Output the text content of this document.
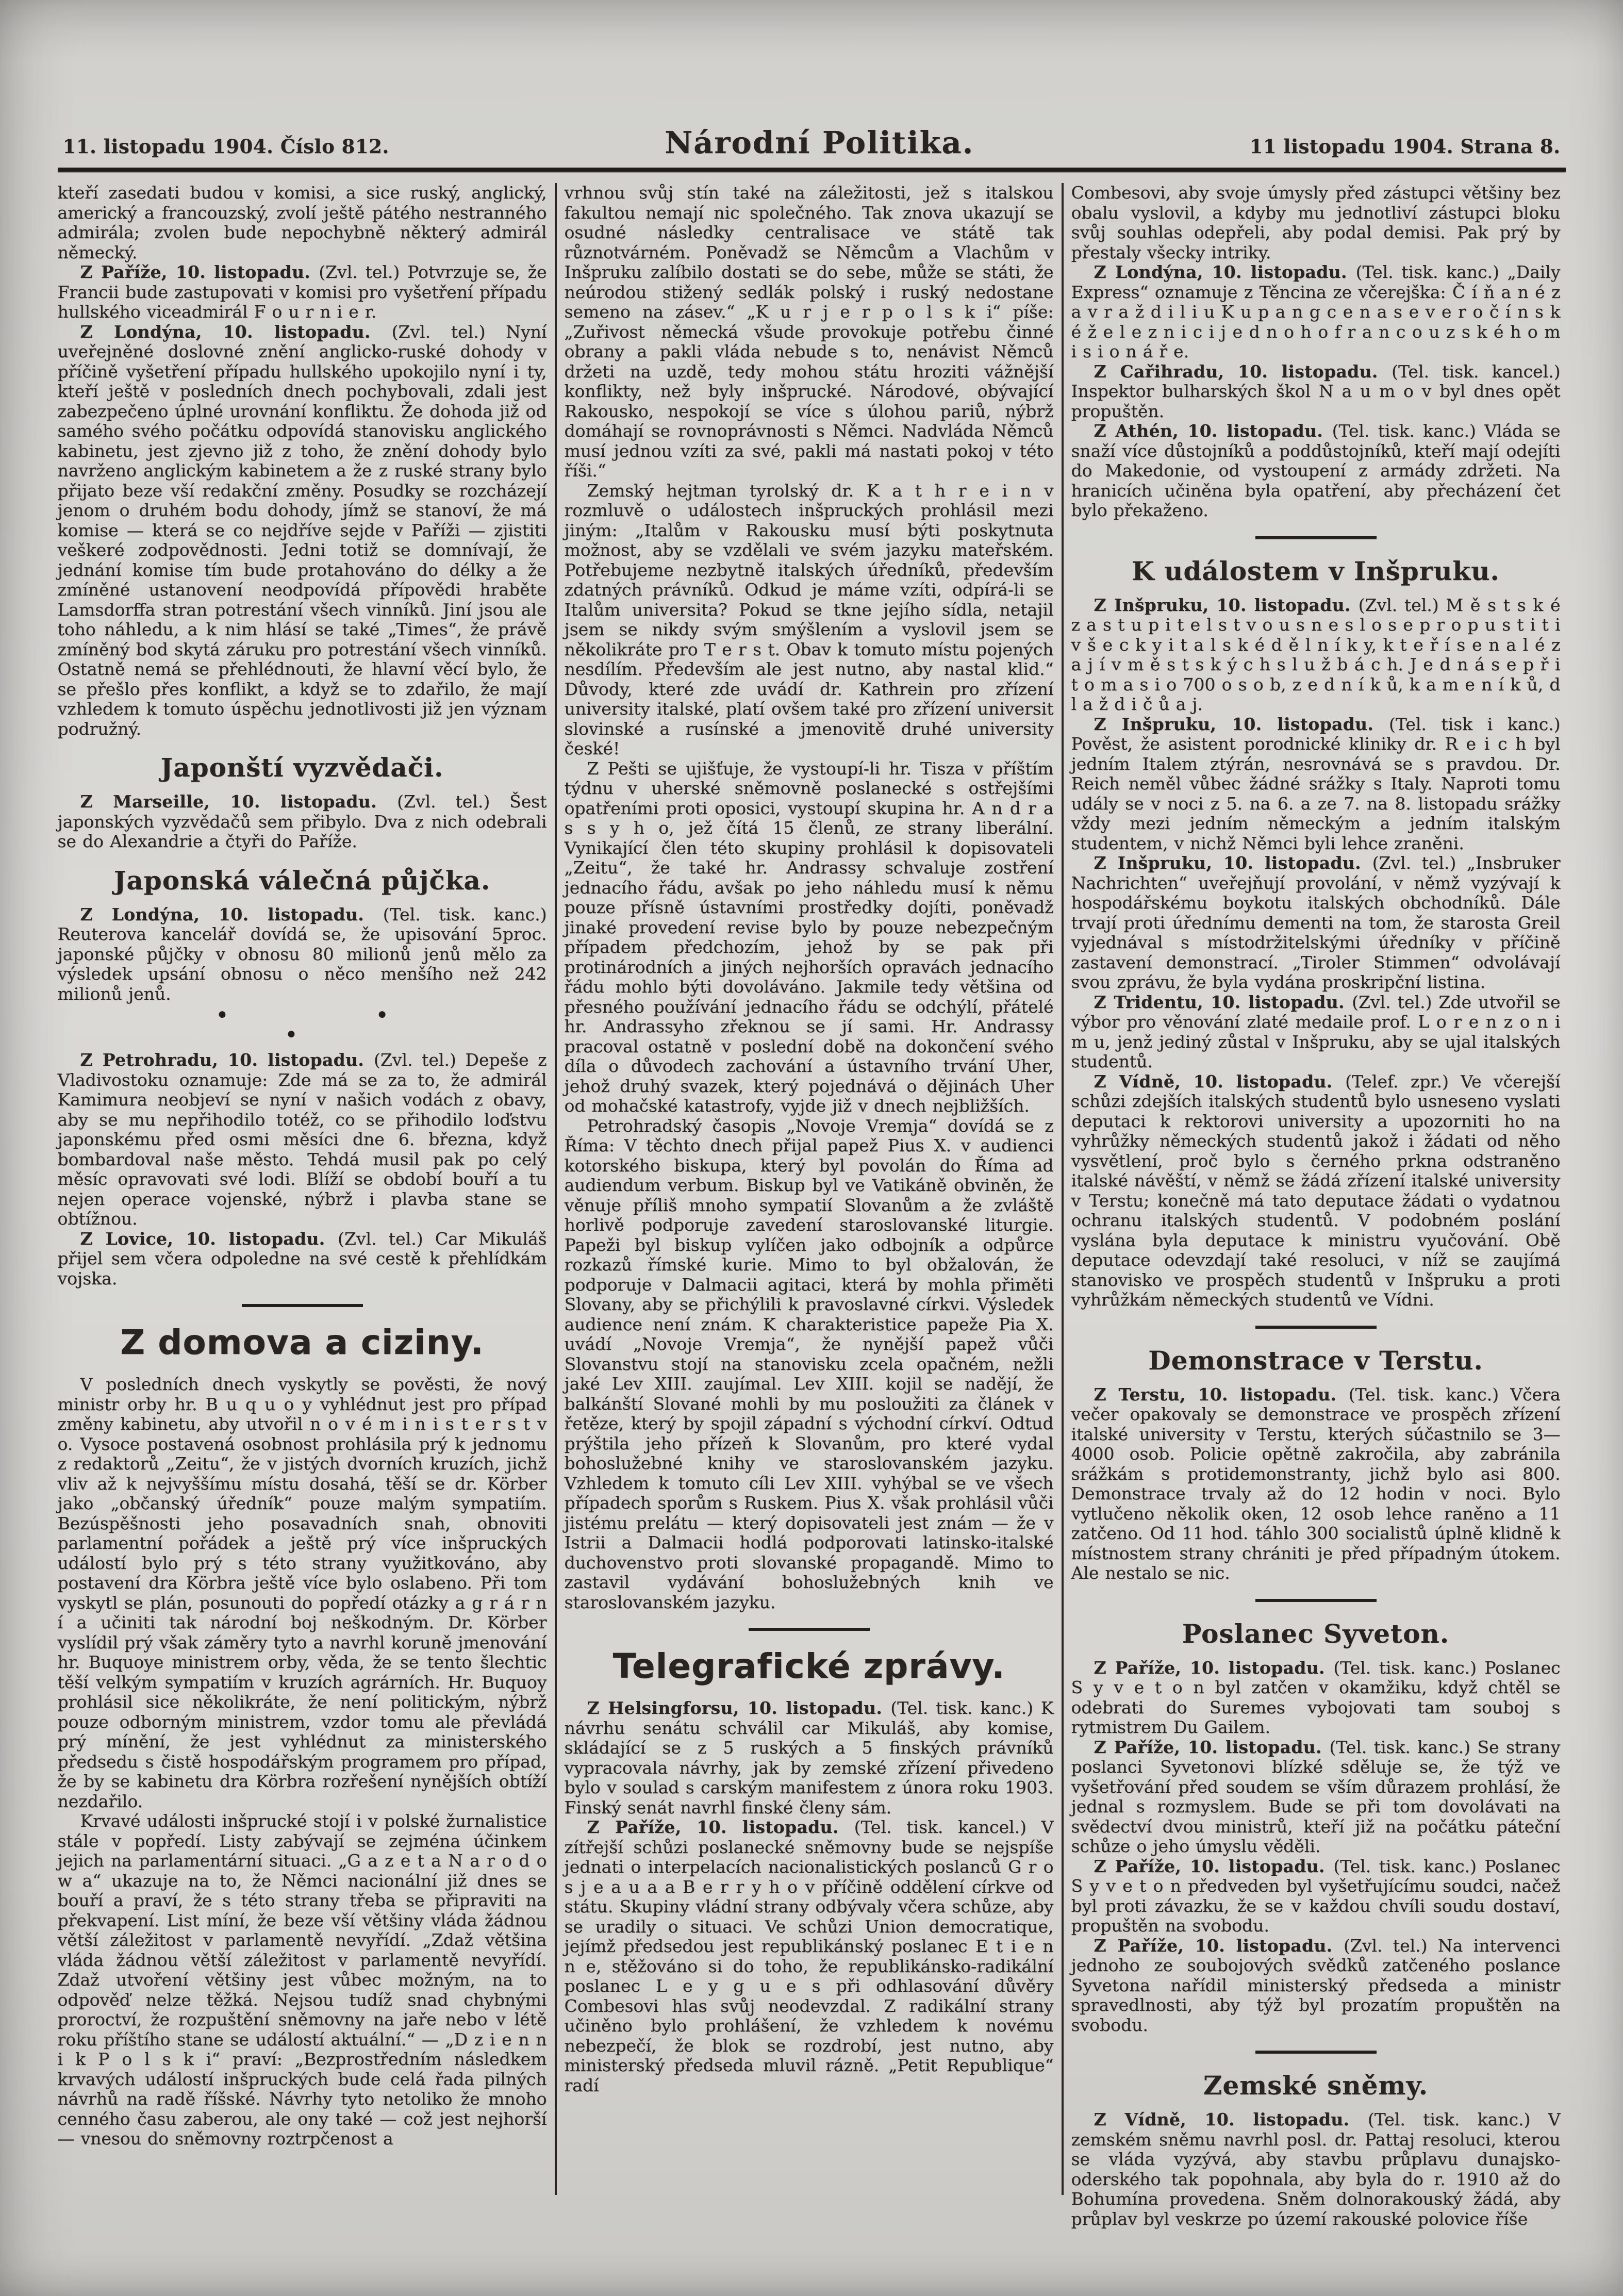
11. listopadu 1904. Číslo 812.	Národní Politika.	11 listopadu 1904. Strana 8.

kteří zasedati budou v komisi, a sice ruský, anglický, americký a francouzský, zvolí ještě pátého nestranného admirála; zvolen bude nepochybně některý admirál německý.

Z Paříže, 10. listopadu. (Zvl. tel.) Potvrzuje se, že Francii bude zastupovati v komisi pro vyšetření případu hullského viceadmirál F o u r n i e r.

Z Londýna, 10. listopadu. (Zvl. tel.) Nyní uveřejněné doslovné znění anglicko-ruské dohody v příčině vyšetření případu hullského upokojilo nyní i ty, kteří ještě v posledních dnech pochybovali, zdali jest zabezpečeno úplné urovnání konfliktu. Že dohoda již od samého svého počátku odpovídá stanovisku anglického kabinetu, jest zjevno již z toho, že znění dohody bylo navrženo anglickým kabinetem a že z ruské strany bylo přijato beze vší redakční změny. Posudky se rozcházejí jenom o druhém bodu dohody, jímž se stanoví, že má komise — která se co nejdříve sejde v Paříži — zjistiti veškeré zodpovědnosti. Jedni totiž se domnívají, že jednání komise tím bude protahováno do délky a že zmíněné ustanovení neodpovídá přípovědi hraběte Lamsdorffa stran potrestání všech vinníků. Jiní jsou ale toho náhledu, a k nim hlásí se také „Times“, že právě zmíněný bod skytá záruku pro potrestání všech vinníků. Ostatně nemá se přehlédnouti, že hlavní věcí bylo, že se přešlo přes konflikt, a když se to zdařilo, že mají vzhledem k tomuto úspěchu jednotlivosti již jen význam podružný.

Japonští vyzvědači.

Z Marseille, 10. listopadu. (Zvl. tel.) Šest japonských vyzvědačů sem přibylo. Dva z nich odebrali se do Alexandrie a čtyři do Paříže.

Japonská válečná půjčka.

Z Londýna, 10. listopadu. (Tel. tisk. kanc.) Reuterova kancelář dovídá se, že upisování 5proc. japonské půjčky v obnosu 80 milionů jenů mělo za výsledek upsání obnosu o něco menšího než 242 milionů jenů.

● ● ●

Z Petrohradu, 10. listopadu. (Zvl. tel.) Depeše z Vladivostoku oznamuje: Zde má se za to, že admirál Kamimura neobjeví se nyní v našich vodách z obavy, aby se mu nepřihodilo totéž, co se přihodilo loďstvu japonskému před osmi měsíci dne 6. března, když bombardoval naše město. Tehdá musil pak po celý měsíc opravovati své lodi. Blíží se období bouří a tu nejen operace vojenské, nýbrž i plavba stane se obtížnou.

Z Lovice, 10. listopadu. (Zvl. tel.) Car Mikuláš přijel sem včera odpoledne na své cestě k přehlídkám vojska.

Z domova a ciziny.

V posledních dnech vyskytly se pověsti, že nový ministr orby hr. B u q u o y vyhlédnut jest pro případ změny kabinetu, aby utvořil n o v é m i n i s t e r s t v o. Vysoce postavená osobnost prohlásila prý k jednomu z redaktorů „Zeitu“, že v jistých dvorních kruzích, jichž vliv až k nejvyššímu místu dosahá, těší se dr. Körber jako „občanský úředník“ pouze malým sympatiím. Bezúspěšnosti jeho posavadních snah, obnoviti parlamentní pořádek a ještě prý více inšpruckých událostí bylo prý s této strany využitkováno, aby postavení dra Körbra ještě více bylo oslabeno. Při tom vyskytl se plán, posunouti do popředí otázky a g r á r n í a učiniti tak národní boj neškodným. Dr. Körber vyslídil prý však záměry tyto a navrhl koruně jmenování hr. Buquoye ministrem orby, věda, že se tento šlechtic těší velkým sympatiím v kruzích agrárních. Hr. Buquoy prohlásil sice několikráte, že není politickým, nýbrž pouze odborným ministrem, vzdor tomu ale převládá prý mínění, že jest vyhlédnut za ministerského předsedu s čistě hospodářským programem pro případ, že by se kabinetu dra Körbra rozřešení nynějších obtíží nezdařilo.

Krvavé události inšprucké stojí i v polské žurnalistice stále v popředí. Listy zabývají se zejména účinkem jejich na parlamentární situaci. „G a z e t a N a r o d o w a“ ukazuje na to, že Němci nacionální již dnes se bouří a praví, že s této strany třeba se připraviti na překvapení. List míní, že beze vší většiny vláda žádnou větší záležitost v parlamentě nevyřídí. „Zdaž většina vláda žádnou větší záležitost v parlamentě nevyřídí. Zdaž utvoření většiny jest vůbec možným, na to odpověď nelze těžká. Nejsou tudíž snad chybnými proroctví, že rozpuštění sněmovny na jaře nebo v létě roku příštího stane se událostí aktuální.“ — „D z i e n n i k P o l s k i“ praví: „Bezprostředním následkem krvavých událostí inšpruckých bude celá řada pilných návrhů na radě říšské. Návrhy tyto netoliko že mnoho cenného času zaberou, ale ony také — což jest nejhorší — vnesou do sněmovny roztrpčenost a

vrhnou svůj stín také na záležitosti, jež s italskou fakultou nemají nic společného. Tak znova ukazují se osudné následky centralisace ve státě tak různotvárném. Poněvadž se Němcům a Vlachům v Inšpruku zalíbilo dostati se do sebe, může se státi, že neúrodou stižený sedlák polský i ruský nedostane semeno na zásev.“ „K u r j e r p o l s k i“ píše: „Zuřivost německá všude provokuje potřebu činné obrany a pakli vláda nebude s to, nenávist Němců držeti na uzdě, tedy mohou státu hroziti vážnější konflikty, než byly inšprucké. Národové, obývající Rakousko, nespokojí se více s úlohou pariů, nýbrž domáhají se rovnoprávnosti s Němci. Nadvláda Němců musí jednou vzíti za své, pakli má nastati pokoj v této říši.“

Zemský hejtman tyrolský dr. K a t h r e i n v rozmluvě o událostech inšpruckých prohlásil mezi jiným: „Italům v Rakousku musí býti poskytnuta možnost, aby se vzdělali ve svém jazyku mateřském. Potřebujeme nezbytně italských úředníků, především zdatných právníků. Odkud je máme vzíti, odpírá-li se Italům universita? Pokud se tkne jejího sídla, netajil jsem se nikdy svým smýšlením a vyslovil jsem se několikráte pro T e r s t. Obav k tomuto místu pojených nesdílím. Především ale jest nutno, aby nastal klid.“ Důvody, které zde uvádí dr. Kathrein pro zřízení university italské, platí ovšem také pro zřízení universit slovinské a rusínské a jmenovitě druhé university české!

Z Pešti se ujišťuje, že vystoupí-li hr. Tisza v příštím týdnu v uherské sněmovně poslanecké s ostřejšími opatřeními proti oposici, vystoupí skupina hr. A n d r a s s y h o, jež čítá 15 členů, ze strany liberální. Vynikající člen této skupiny prohlásil k dopisovateli „Zeitu“, že také hr. Andrassy schvaluje zostření jednacího řádu, avšak po jeho náhledu musí k němu pouze přísně ústavními prostředky dojíti, poněvadž jinaké provedení revise bylo by pouze nebezpečným případem předchozím, jehož by se pak při protinárodních a jiných nejhorších opravách jednacího řádu mohlo býti dovoláváno. Jakmile tedy většina od přesného používání jednacího řádu se odchýlí, přátelé hr. Andrassyho zřeknou se jí sami. Hr. Andrassy pracoval ostatně v poslední době na dokončení svého díla o důvodech zachování a ústavního trvání Uher, jehož druhý svazek, který pojednává o dějinách Uher od mohačské katastrofy, vyjde již v dnech nejbližších.

Petrohradský časopis „Novoje Vremja“ dovídá se z Říma: V těchto dnech přijal papež Pius X. v audienci kotorského biskupa, který byl povolán do Říma ad audiendum verbum. Biskup byl ve Vatikáně obviněn, že věnuje příliš mnoho sympatií Slovanům a že zvláště horlivě podporuje zavedení staroslovanské liturgie. Papeži byl biskup vylíčen jako odbojník a odpůrce rozkazů římské kurie. Mimo to byl obžalován, že podporuje v Dalmacii agitaci, která by mohla přiměti Slovany, aby se přichýlili k pravoslavné církvi. Výsledek audience není znám. K charakteristice papeže Pia X. uvádí „Novoje Vremja“, že nynější papež vůči Slovanstvu stojí na stanovisku zcela opačném, nežli jaké Lev XIII. zaujímal. Lev XIII. kojil se nadějí, že balkánští Slované mohli by mu posloužiti za článek v řetěze, který by spojil západní s východní církví. Odtud prýštila jeho přízeň k Slovanům, pro které vydal bohoslužebné knihy ve staroslovanském jazyku. Vzhledem k tomuto cíli Lev XIII. vyhýbal se ve všech případech sporům s Ruskem. Pius X. však prohlásil vůči jistému prelátu — který dopisovateli jest znám — že v Istrii a Dalmacii hodlá podporovati latinsko-italské duchovenstvo proti slovanské propagandě. Mimo to zastavil vydávání bohoslužebných knih ve staroslovanském jazyku.

Telegrafické zprávy.

Z Helsingforsu, 10. listopadu. (Tel. tisk. kanc.) K návrhu senátu schválil car Mikuláš, aby komise, skládající se z 5 ruských a 5 finských právníků vypracovala návrhy, jak by zemské zřízení přivedeno bylo v soulad s carským manifestem z února roku 1903. Finský senát navrhl finské členy sám.

Z Paříže, 10. listopadu. (Tel. tisk. kancel.) V zítřejší schůzi poslanecké sněmovny bude se nejspíše jednati o interpelacích nacionalistických poslanců G r o s j e a u a a B e r r y h o v příčině oddělení církve od státu. Skupiny vládní strany odbývaly včera schůze, aby se uradily o situaci. Ve schůzi Union democratique, jejímž předsedou jest republikánský poslanec E t i e n n e, stěžováno si do toho, že republikánsko-radikální poslanec L e y g u e s při odhlasování důvěry Combesovi hlas svůj neodevzdal. Z radikální strany učiněno bylo prohlášení, že vzhledem k novému nebezpečí, že blok se rozdrobí, jest nutno, aby ministerský předseda mluvil rázně. „Petit Republique“ radí

Combesovi, aby svoje úmysly před zástupci většiny bez obalu vyslovil, a kdyby mu jednotliví zástupci bloku svůj souhlas odepřeli, aby podal demisi. Pak prý by přestaly všecky intriky.

Z Londýna, 10. listopadu. (Tel. tisk. kanc.) „Daily Express“ oznamuje z Těncina ze včerejška: Č í ň a n é z a v r a ž d i l i u K u p a n g c e n a s e v e r o č í n s k é ž e l e z n i c i j e d n o h o f r a n c o u z s k é h o m i s i o n á ř e.

Z Cařihradu, 10. listopadu. (Tel. tisk. kancel.) Inspektor bulharských škol N a u m o v byl dnes opět propuštěn.

Z Athén, 10. listopadu. (Tel. tisk. kanc.) Vláda se snaží více důstojníků a poddůstojníků, kteří mají odejíti do Makedonie, od vystoupení z armády zdržeti. Na hranicích učiněna byla opatření, aby přecházení čet bylo překaženo.

K událostem v Inšpruku.

Z Inšpruku, 10. listopadu. (Zvl. tel.) M ě s t s k é z a s t u p i t e l s t v o u s n e s l o s e p r o p u s t i t i v š e c k y i t a l s k é d ě l n í k y, k t e ř í s e n a l é z a j í v m ě s t s k ý c h s l u ž b á c h. J e d n á s e p ř i t o m a s i o 700 o s o b, z e d n í k ů, k a m e n í k ů, d l a ž d i č ů a j.

Z Inšpruku, 10. listopadu. (Tel. tisk i kanc.) Pověst, že asistent porodnické kliniky dr. R e i c h byl jedním Italem ztýrán, nesrovnává se s pravdou. Dr. Reich neměl vůbec žádné srážky s Italy. Naproti tomu udály se v noci z 5. na 6. a ze 7. na 8. listopadu srážky vždy mezi jedním německým a jedním italským studentem, v nichž Němci byli lehce zraněni.

Z Inšpruku, 10. listopadu. (Zvl. tel.) „Insbruker Nachrichten“ uveřejňují provolání, v němž vyzývají k hospodářskému boykotu italských obchodníků. Dále trvají proti úřednímu dementi na tom, že starosta Greil vyjednával s místodržitelskými úředníky v příčině zastavení demonstrací. „Tiroler Stimmen“ odvolávají svou zprávu, že byla vydána proskripční listina.

Z Tridentu, 10. listopadu. (Zvl. tel.) Zde utvořil se výbor pro věnování zlaté medaile prof. L o r e n z o n i m u, jenž jediný zůstal v Inšpruku, aby se ujal italských studentů.

Z Vídně, 10. listopadu. (Telef. zpr.) Ve včerejší schůzi zdejších italských studentů bylo usneseno vyslati deputaci k rektorovi university a upozorniti ho na vyhrůžky německých studentů jakož i žádati od něho vysvětlení, proč bylo s černého prkna odstraněno italské návěští, v němž se žádá zřízení italské university v Terstu; konečně má tato deputace žádati o vydatnou ochranu italských studentů. V podobném poslání vyslána byla deputace k ministru vyučování. Obě deputace odevzdají také resoluci, v níž se zaujímá stanovisko ve prospěch studentů v Inšpruku a proti vyhrůžkám německých studentů ve Vídni.

Demonstrace v Terstu.

Z Terstu, 10. listopadu. (Tel. tisk. kanc.) Včera večer opakovaly se demonstrace ve prospěch zřízení italské university v Terstu, kterých súčastnilo se 3—4000 osob. Policie opětně zakročila, aby zabránila srážkám s protidemonstranty, jichž bylo asi 800. Demonstrace trvaly až do 12 hodin v noci. Bylo vytlučeno několik oken, 12 osob lehce raněno a 11 zatčeno. Od 11 hod. táhlo 300 socialistů úplně klidně k místnostem strany chrániti je před případným útokem. Ale nestalo se nic.

Poslanec Syveton.

Z Paříže, 10. listopadu. (Tel. tisk. kanc.) Poslanec S y v e t o n byl zatčen v okamžiku, když chtěl se odebrati do Suremes vybojovati tam souboj s rytmistrem Du Gailem.

Z Paříže, 10. listopadu. (Tel. tisk. kanc.) Se strany poslanci Syvetonovi blízké sděluje se, že týž ve vyšetřování před soudem se vším důrazem prohlásí, že jednal s rozmyslem. Bude se při tom dovolávati na svědectví dvou ministrů, kteří již na počátku páteční schůze o jeho úmyslu věděli.

Z Paříže, 10. listopadu. (Tel. tisk. kanc.) Poslanec S y v e t o n předveden byl vyšetřujícímu soudci, načež byl proti závazku, že se v každou chvíli soudu dostaví, propuštěn na svobodu.

Z Paříže, 10. listopadu. (Zvl. tel.) Na intervenci jednoho ze soubojových svědků zatčeného poslance Syvetona nařídil ministerský předseda a ministr spravedlnosti, aby týž byl prozatím propuštěn na svobodu.

Zemské sněmy.

Z Vídně, 10. listopadu. (Tel. tisk. kanc.) V zemském sněmu navrhl posl. dr. Pattaj resoluci, kterou se vláda vyzývá, aby stavbu průplavu dunajsko-oderského tak popohnala, aby byla do r. 1910 až do Bohumína provedena. Sněm dolnorakouský žádá, aby průplav byl veskrze po území rakouské polovice říše
